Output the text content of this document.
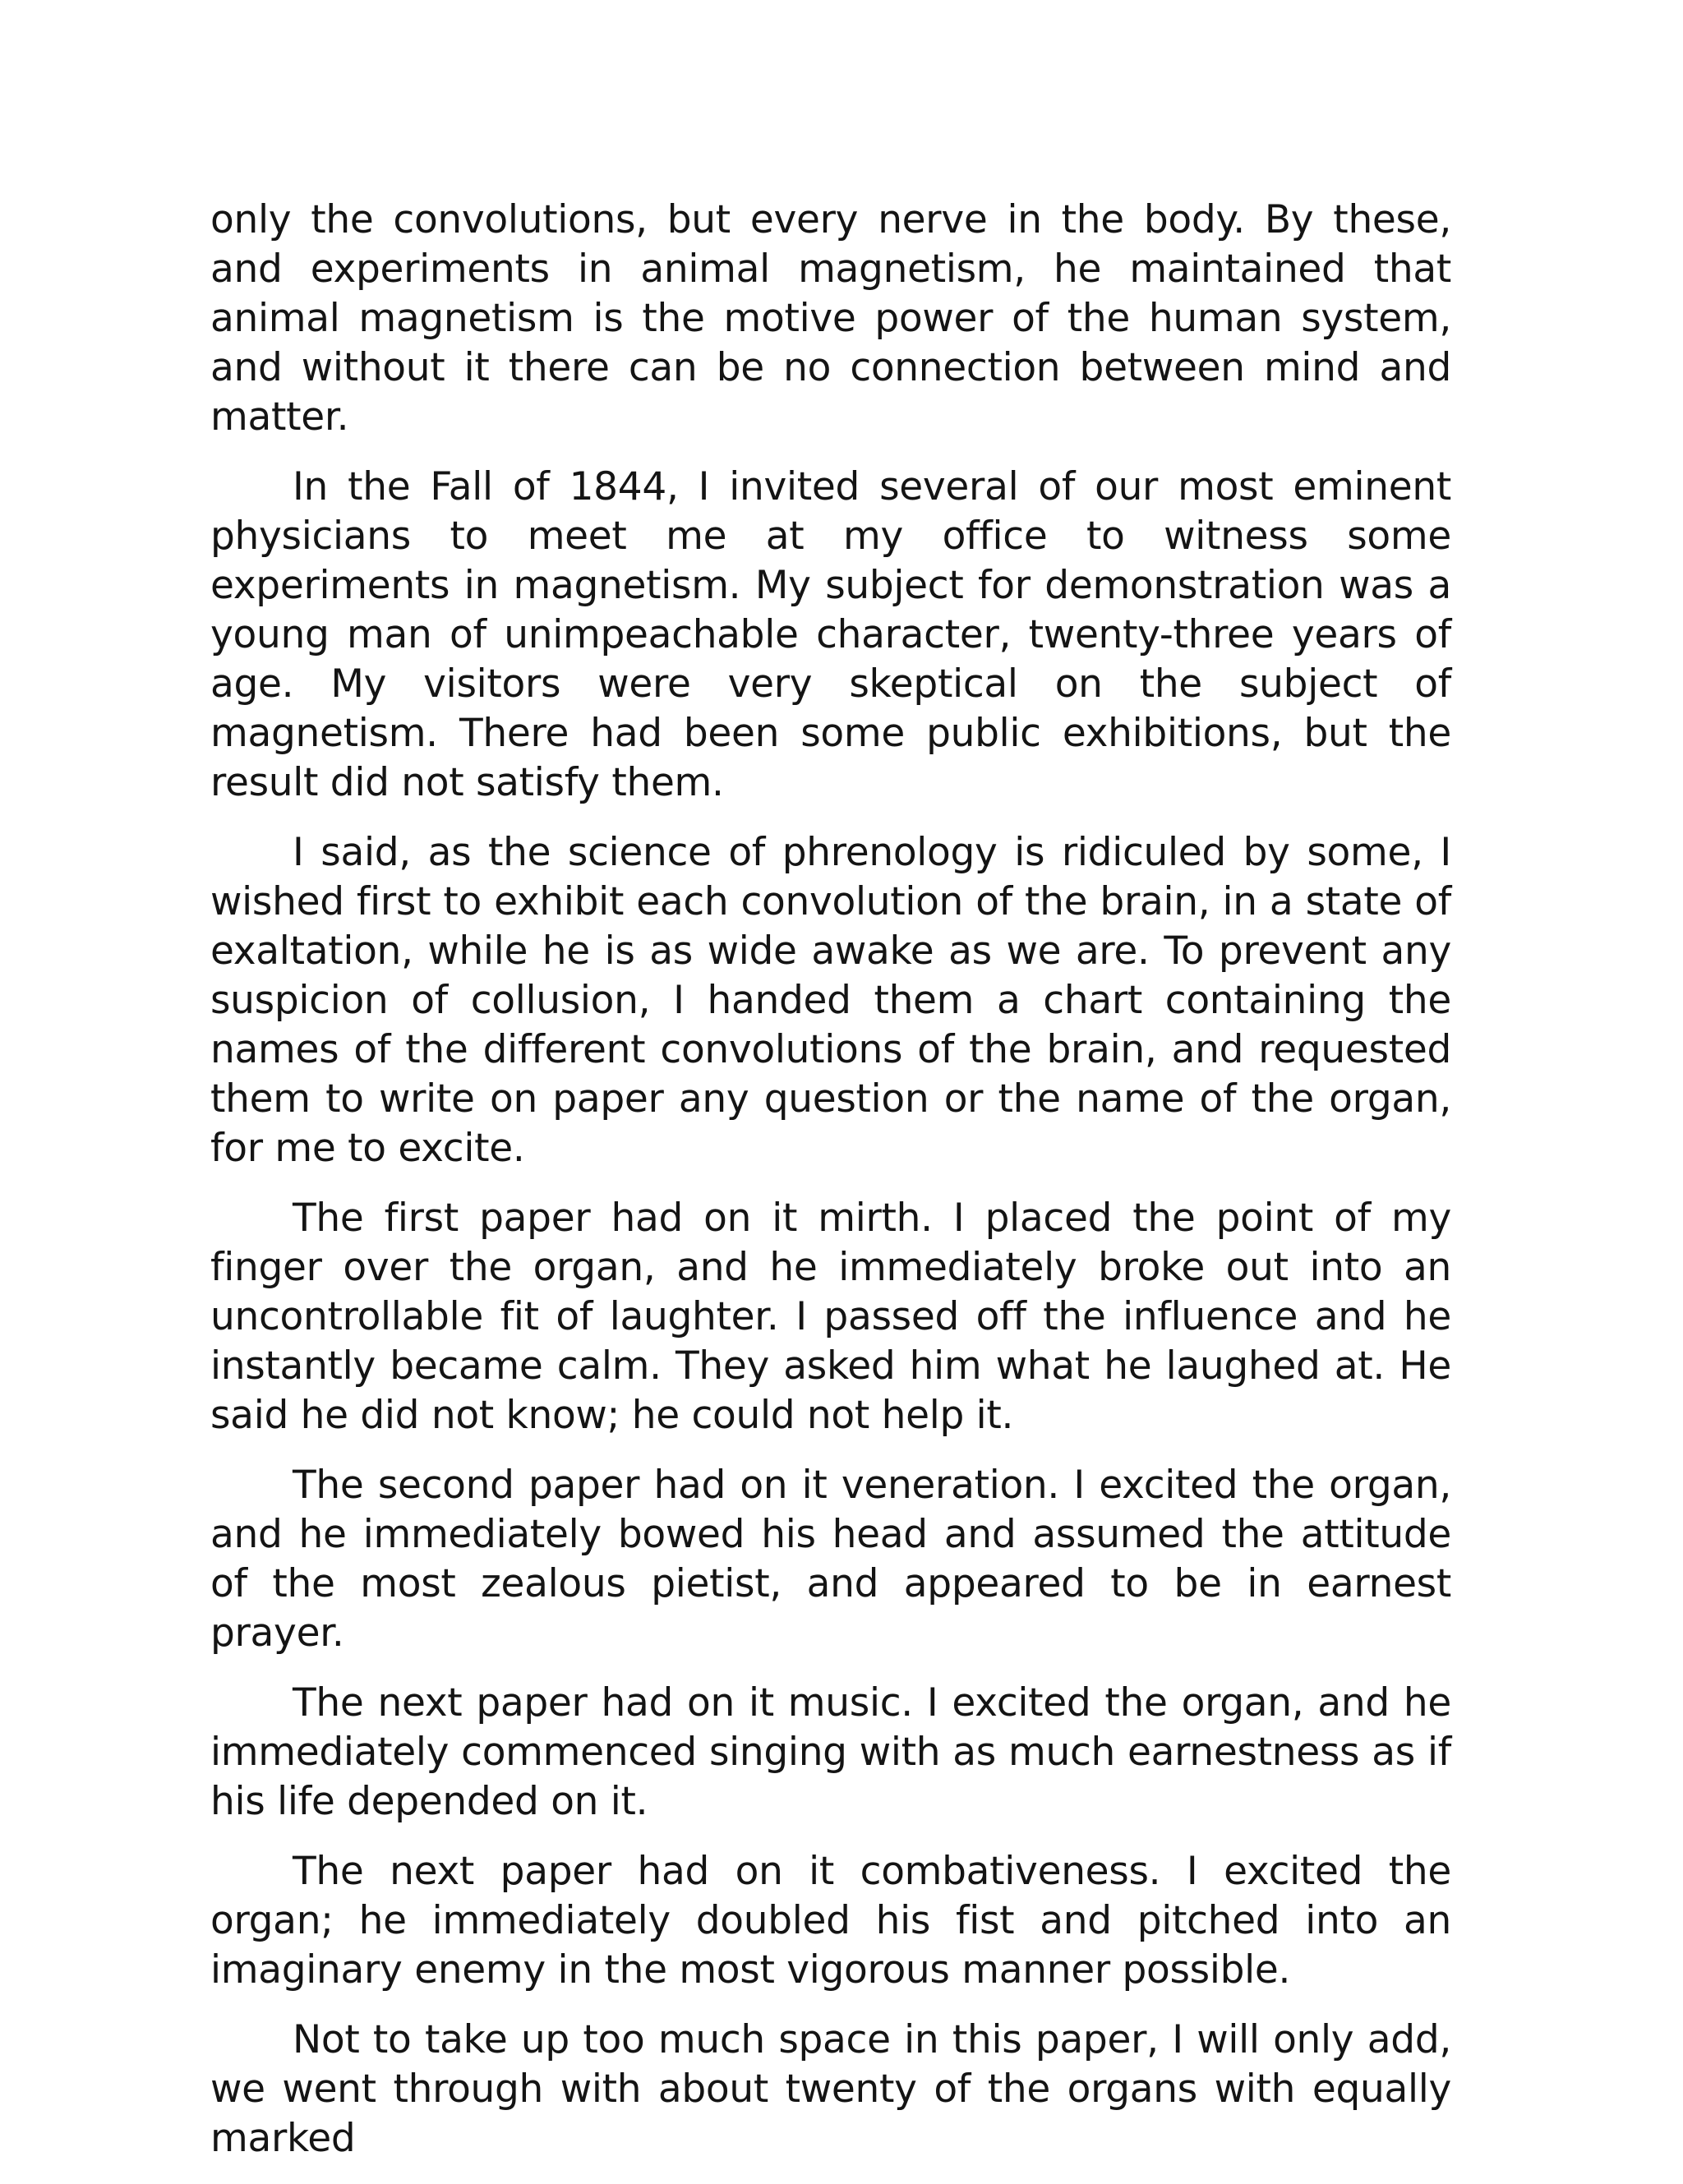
only the convolutions, but every nerve in the body. By these, and experiments in animal magnetism, he maintained that animal magnetism is the motive power of the human system, and without it there can be no connection between mind and matter.

In the Fall of 1844, I invited several of our most eminent physicians to meet me at my office to witness some experiments in magnetism. My subject for demonstration was a young man of unimpeachable character, twenty-three years of age. My visitors were very skeptical on the subject of magnetism. There had been some public exhibitions, but the result did not satisfy them.

I said, as the science of phrenology is ridiculed by some, I wished first to exhibit each convolution of the brain, in a state of exaltation, while he is as wide awake as we are. To prevent any suspicion of collusion, I handed them a chart containing the names of the different convolutions of the brain, and requested them to write on paper any question or the name of the organ, for me to excite.

The first paper had on it mirth. I placed the point of my finger over the organ, and he immediately broke out into an uncontrollable fit of laughter. I passed off the influence and he instantly became calm. They asked him what he laughed at. He said he did not know; he could not help it.

The second paper had on it veneration. I excited the organ, and he immediately bowed his head and assumed the attitude of the most zealous pietist, and appeared to be in earnest prayer.

The next paper had on it music. I excited the organ, and he immediately commenced singing with as much earnestness as if his life depended on it.

The next paper had on it combativeness. I excited the organ; he immediately doubled his fist and pitched into an imaginary enemy in the most vigorous manner possible.

Not to take up too much space in this paper, I will only add, we went through with about twenty of the organs with equally marked
